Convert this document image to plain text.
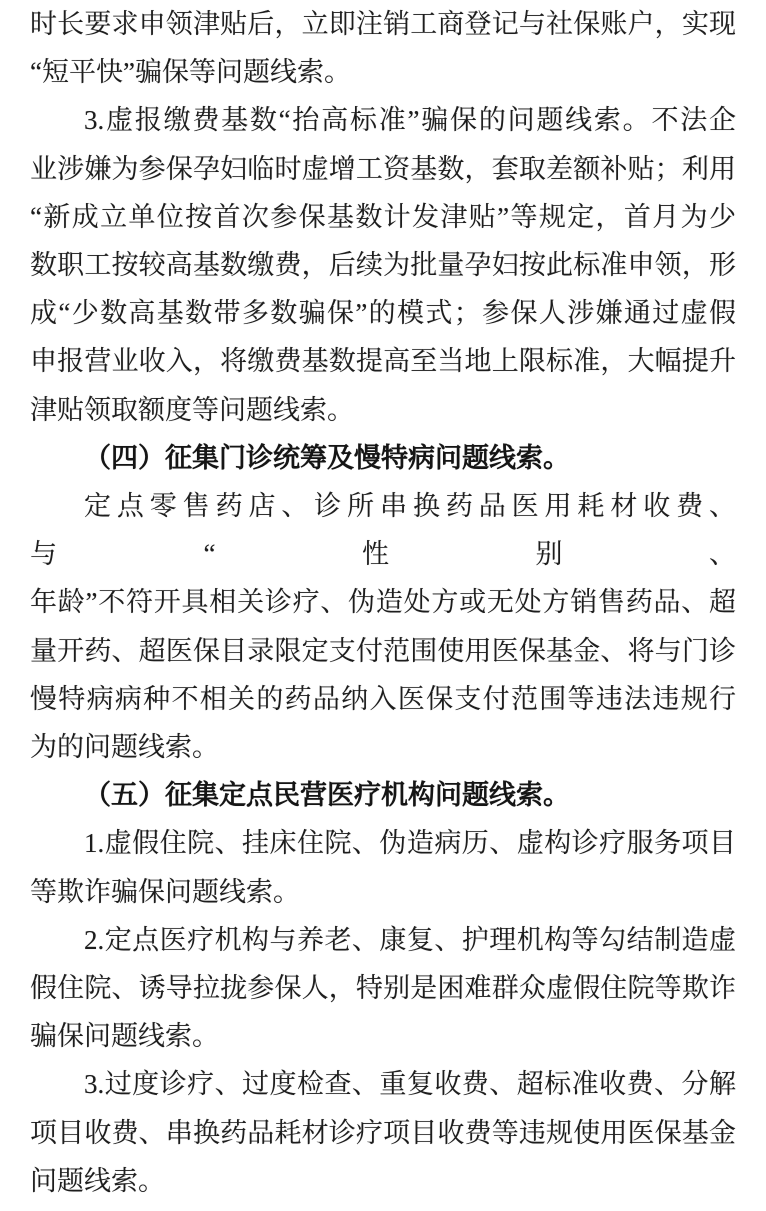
时长要求申领津贴后，立即注销工商登记与社保账户，实现
“短平快”骗保等问题线索。
3.虚报缴费基数“抬高标准”骗保的问题线索。不法企
业涉嫌为参保孕妇临时虚增工资基数，套取差额补贴；利用
“新成立单位按首次参保基数计发津贴”等规定，首月为少
数职工按较高基数缴费，后续为批量孕妇按此标准申领，形
成“少数高基数带多数骗保”的模式；参保人涉嫌通过虚假
申报营业收入，将缴费基数提高至当地上限标准，大幅提升
津贴领取额度等问题线索。
（四）征集门诊统筹及慢特病问题线索。
定点零售药店、诊所串换药品医用耗材收费、与“性别、
年龄”不符开具相关诊疗、伪造处方或无处方销售药品、超
量开药、超医保目录限定支付范围使用医保基金、将与门诊
慢特病病种不相关的药品纳入医保支付范围等违法违规行
为的问题线索。
（五）征集定点民营医疗机构问题线索。
1.虚假住院、挂床住院、伪造病历、虚构诊疗服务项目
等欺诈骗保问题线索。
2.定点医疗机构与养老、康复、护理机构等勾结制造虚
假住院、诱导拉拢参保人，特别是困难群众虚假住院等欺诈
骗保问题线索。
3.过度诊疗、过度检查、重复收费、超标准收费、分解
项目收费、串换药品耗材诊疗项目收费等违规使用医保基金
问题线索。
